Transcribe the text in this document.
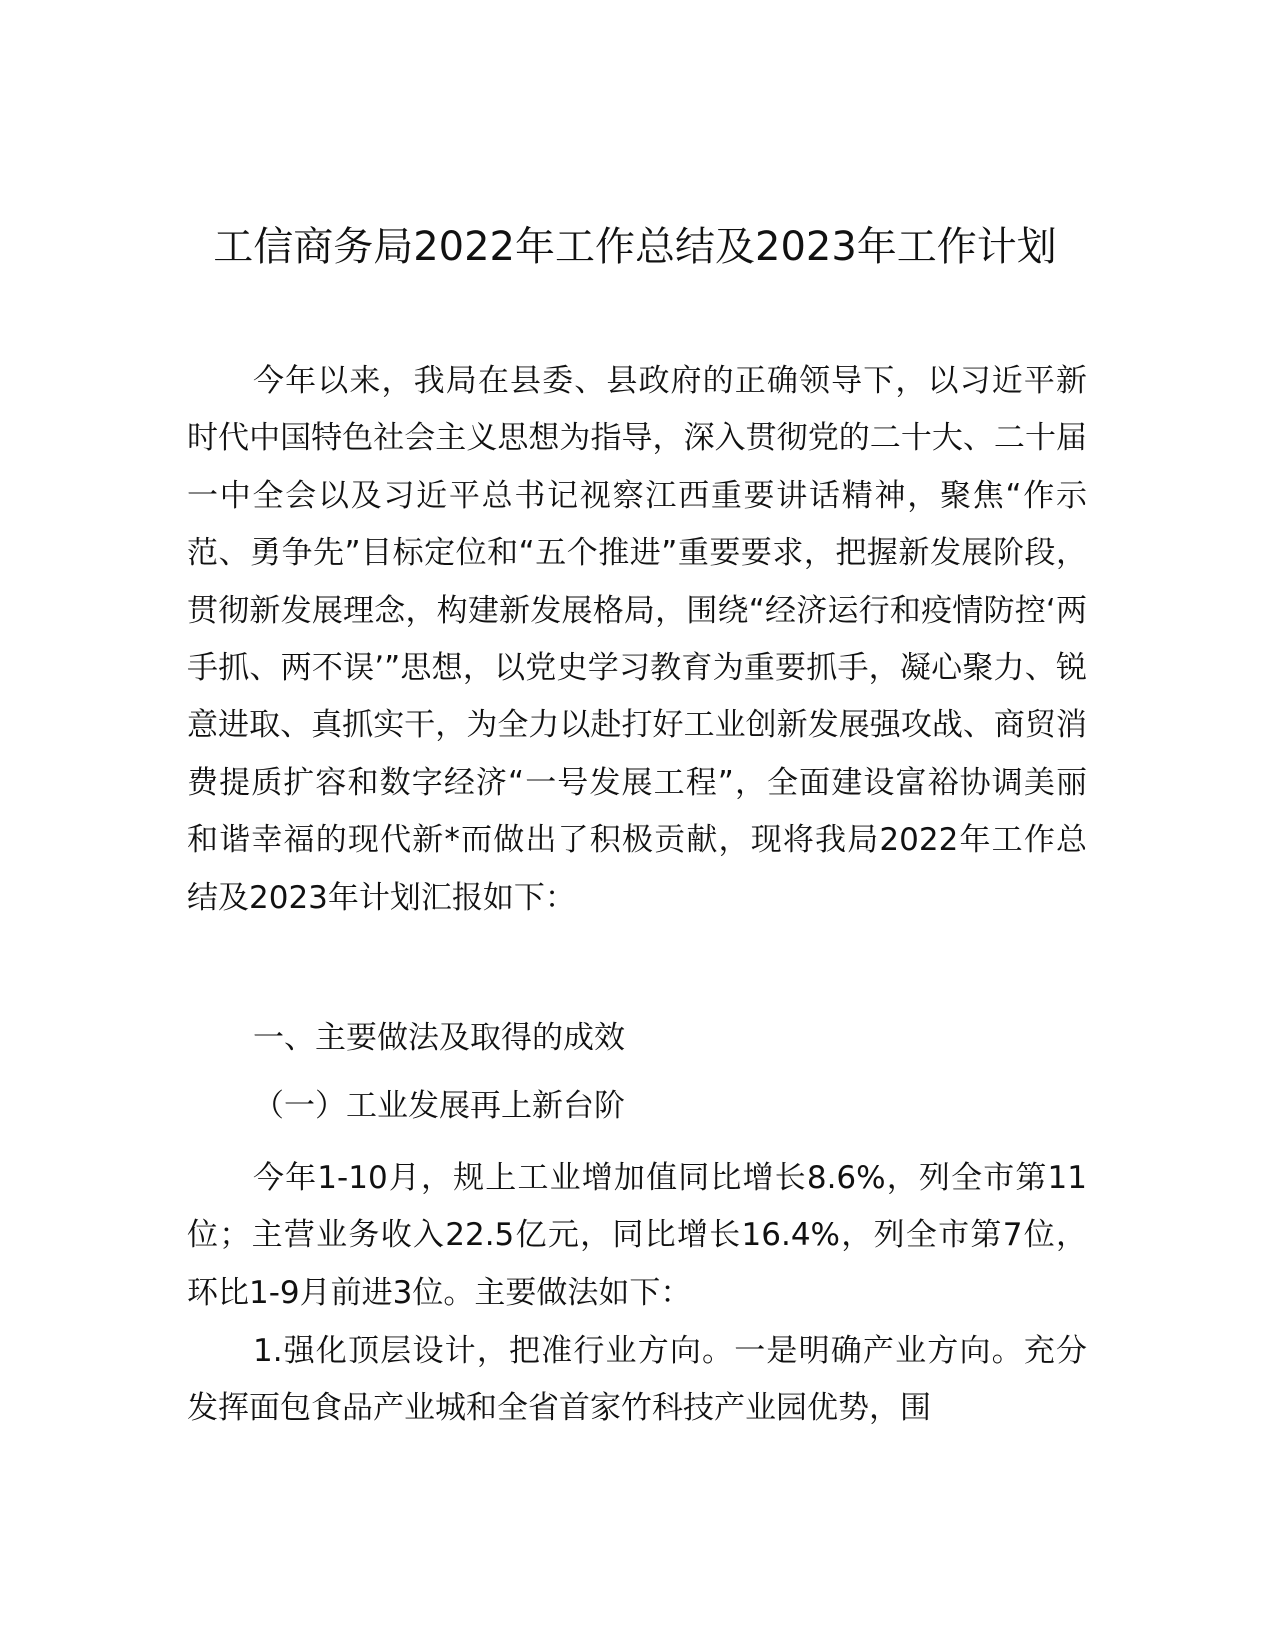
工信商务局2022年工作总结及2023年工作计划

今年以来，我局在县委、县政府的正确领导下，以习近平新时代中国特色社会主义思想为指导，深入贯彻党的二十大、二十届一中全会以及习近平总书记视察江西重要讲话精神，聚焦“作示范、勇争先”目标定位和“五个推进”重要要求，把握新发展阶段，贯彻新发展理念，构建新发展格局，围绕“经济运行和疫情防控‘两手抓、两不误’”思想，以党史学习教育为重要抓手，凝心聚力、锐意进取、真抓实干，为全力以赴打好工业创新发展强攻战、商贸消费提质扩容和数字经济“一号发展工程”，全面建设富裕协调美丽和谐幸福的现代新*而做出了积极贡献，现将我局2022年工作总结及2023年计划汇报如下：

一、主要做法及取得的成效

（一）工业发展再上新台阶

今年1-10月，规上工业增加值同比增长8.6%，列全市第11位；主营业务收入22.5亿元，同比增长16.4%，列全市第7位，环比1-9月前进3位。主要做法如下：

1.强化顶层设计，把准行业方向。一是明确产业方向。充分发挥面包食品产业城和全省首家竹科技产业园优势，围
